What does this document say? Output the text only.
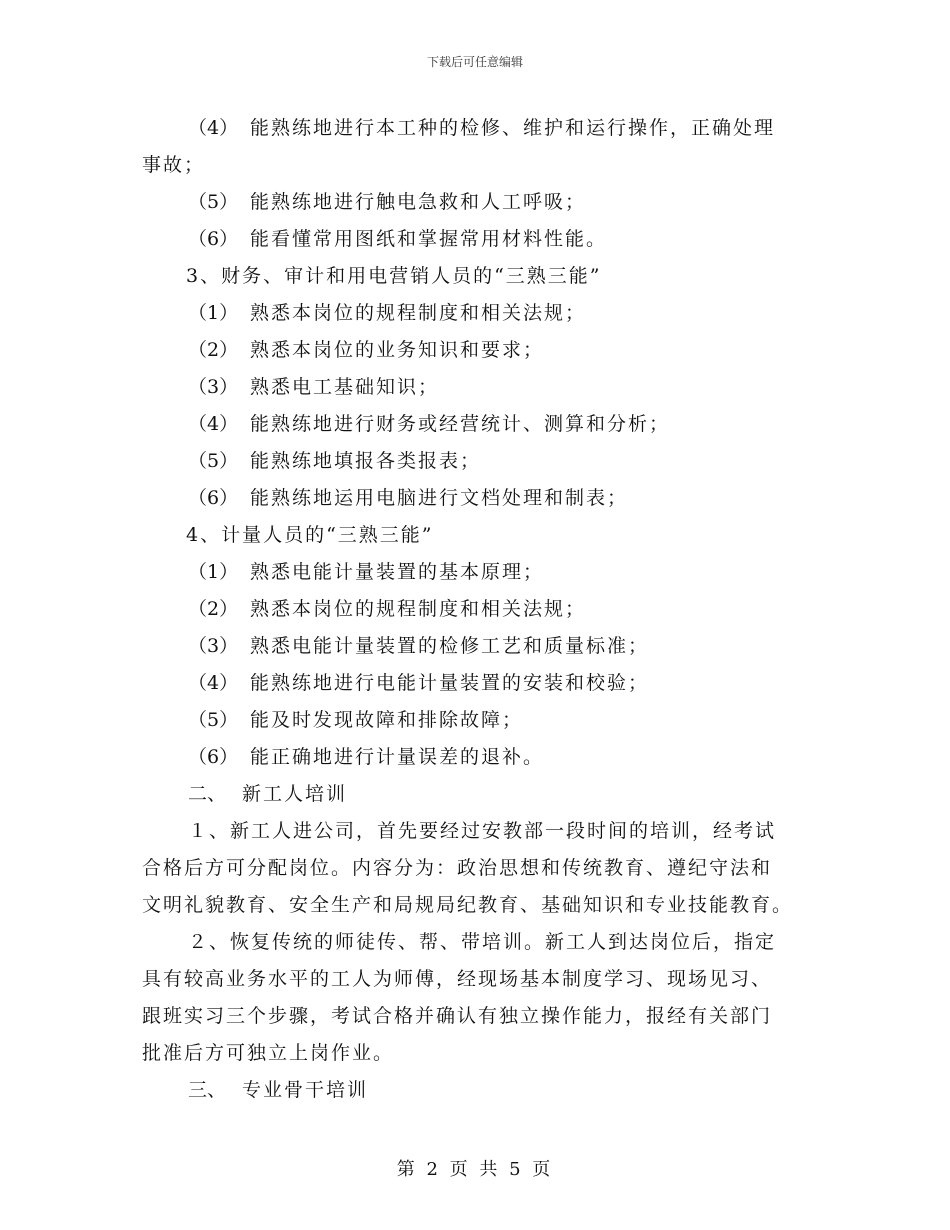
下载后可任意编辑
（4） 能熟练地进行本工种的检修、维护和运行操作，正确处理
事故；
（5） 能熟练地进行触电急救和人工呼吸；
（6） 能看懂常用图纸和掌握常用材料性能。
3、财务、审计和用电营销人员的“三熟三能”
（1） 熟悉本岗位的规程制度和相关法规；
（2） 熟悉本岗位的业务知识和要求；
（3） 熟悉电工基础知识；
（4） 能熟练地进行财务或经营统计、测算和分析；
（5） 能熟练地填报各类报表；
（6） 能熟练地运用电脑进行文档处理和制表；
4、计量人员的“三熟三能”
（1） 熟悉电能计量装置的基本原理；
（2） 熟悉本岗位的规程制度和相关法规；
（3） 熟悉电能计量装置的检修工艺和质量标准；
（4） 能熟练地进行电能计量装置的安装和校验；
（5） 能及时发现故障和排除故障；
（6） 能正确地进行计量误差的退补。
二、 新工人培训
１、新工人进公司，首先要经过安教部一段时间的培训，经考试
合格后方可分配岗位。内容分为：政治思想和传统教育、遵纪守法和
文明礼貌教育、安全生产和局规局纪教育、基础知识和专业技能教育。
２、恢复传统的师徒传、帮、带培训。新工人到达岗位后，指定
具有较高业务水平的工人为师傅，经现场基本制度学习、现场见习、
跟班实习三个步骤，考试合格并确认有独立操作能力，报经有关部门
批准后方可独立上岗作业。
三、 专业骨干培训
第 2 页 共 5 页
